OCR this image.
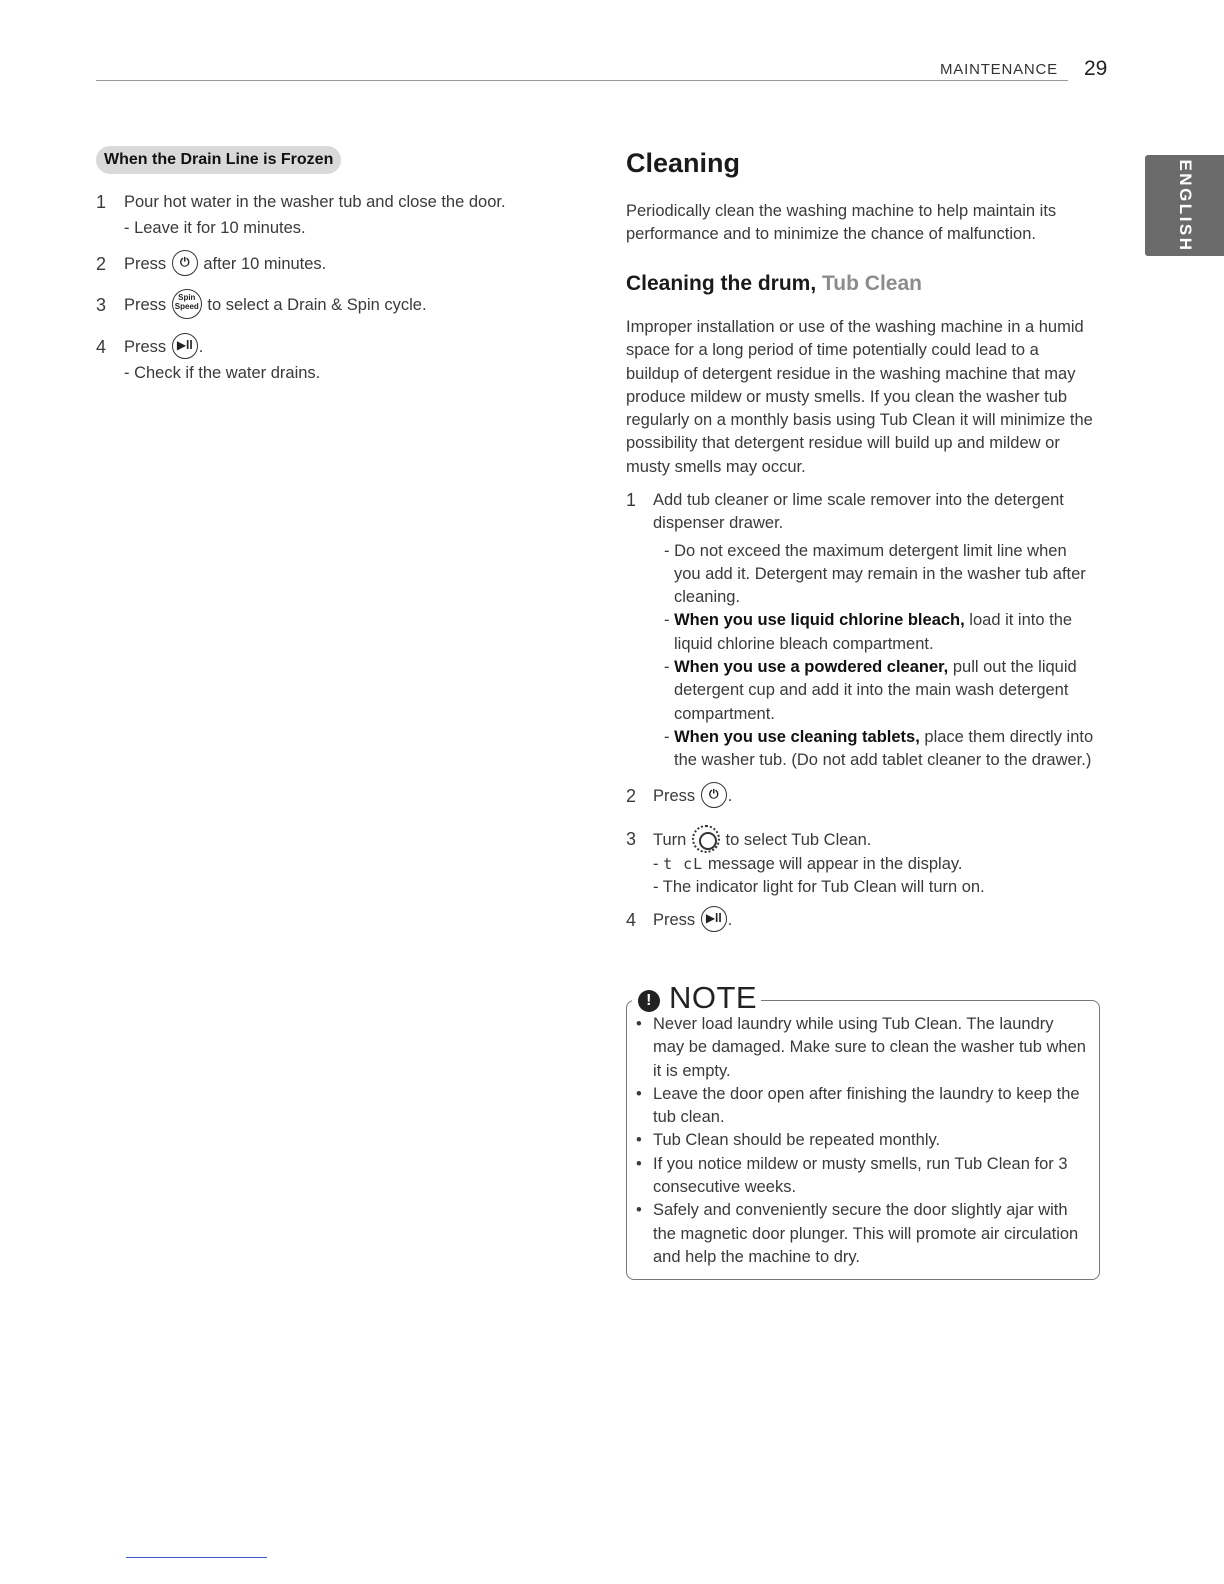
MAINTENANCE 29
ENGLISH
When the Drain Line is Frozen
1 Pour hot water in the washer tub and close the door.
- Leave it for 10 minutes.
2 Press ⏻ after 10 minutes.
3 Press Spin
Speed to select a Drain & Spin cycle.
4 Press ▶ll .
- Check if the water drains.
Cleaning
Periodically clean the washing machine to help maintain its performance and to minimize the chance of malfunction.
Cleaning the drum, Tub Clean
Improper installation or use of the washing machine in a humid space for a long period of time potentially could lead to a buildup of detergent residue in the washing machine that may produce mildew or musty smells. If you clean the washer tub regularly on a monthly basis using Tub Clean it will minimize the possibility that detergent residue will build up and mildew or musty smells may occur.
1 Add tub cleaner or lime scale remover into the detergent dispenser drawer.
- Do not exceed the maximum detergent limit line when you add it. Detergent may remain in the washer tub after cleaning.
- When you use liquid chlorine bleach, load it into the liquid chlorine bleach compartment.
- When you use a powdered cleaner, pull out the liquid detergent cup and add it into the main wash detergent compartment.
- When you use cleaning tablets, place them directly into the washer tub. (Do not add tablet cleaner to the drawer.)
2 Press ⏻ .
3 Turn to select Tub Clean.
- t cL message will appear in the display.
- The indicator light for Tub Clean will turn on.
4 Press ▶ll .
! NOTE
• Never load laundry while using Tub Clean. The laundry may be damaged. Make sure to clean the washer tub when it is empty.
• Leave the door open after finishing the laundry to keep the tub clean.
• Tub Clean should be repeated monthly.
• If you notice mildew or musty smells, run Tub Clean for 3 consecutive weeks.
• Safely and conveniently secure the door slightly ajar with the magnetic door plunger. This will promote air circulation and help the machine to dry.
